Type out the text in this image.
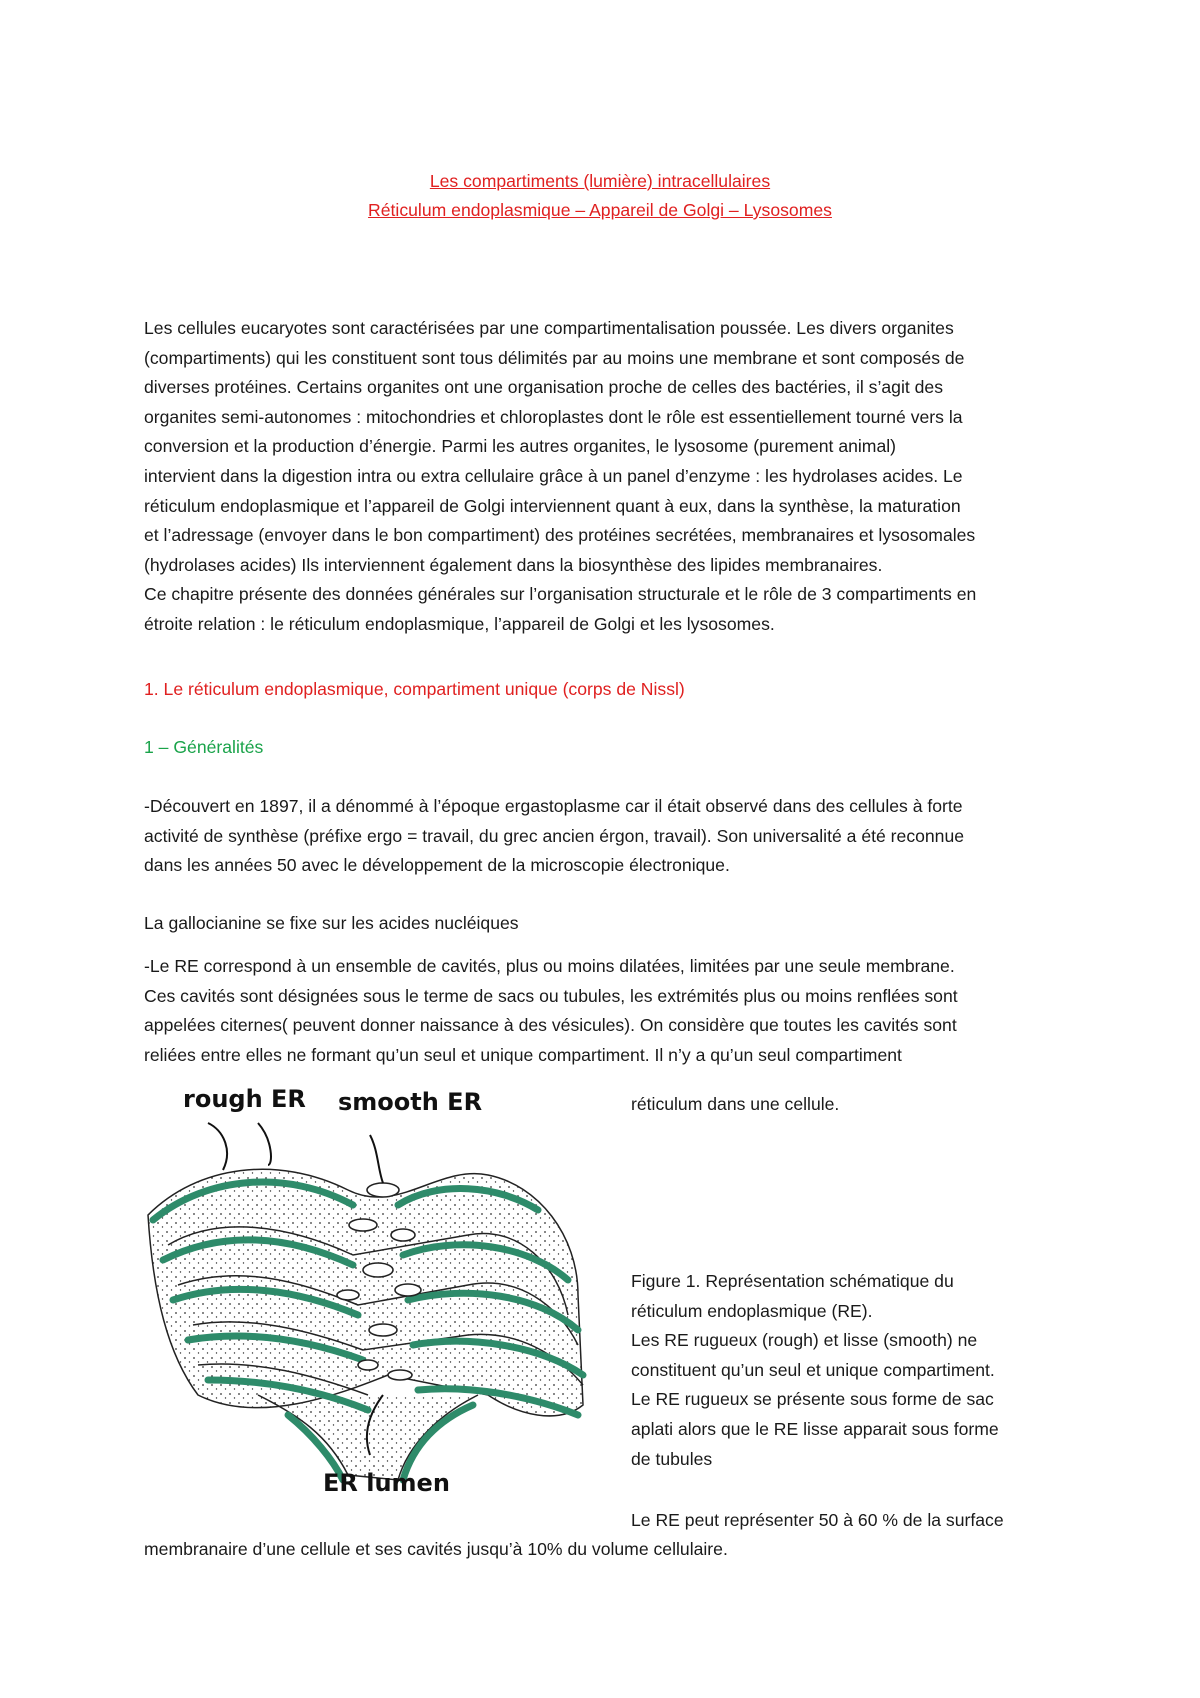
Les compartiments (lumière) intracellulaires
Réticulum endoplasmique – Appareil de Golgi – Lysosomes
Les cellules eucaryotes sont caractérisées par une compartimentalisation poussée. Les divers organites
(compartiments) qui les constituent sont tous délimités par au moins une membrane et sont composés de
diverses protéines. Certains organites ont une organisation proche de celles des bactéries, il s’agit des
organites semi-autonomes : mitochondries et chloroplastes dont le rôle est essentiellement tourné vers la
conversion et la production d’énergie. Parmi les autres organites, le lysosome (purement animal)
intervient dans la digestion intra ou extra cellulaire grâce à un panel d’enzyme : les hydrolases acides. Le
réticulum endoplasmique et l’appareil de Golgi interviennent quant à eux, dans la synthèse, la maturation
et l’adressage (envoyer dans le bon compartiment) des protéines secrétées, membranaires et lysosomales
(hydrolases acides) Ils interviennent également dans la biosynthèse des lipides membranaires.
Ce chapitre présente des données générales sur l’organisation structurale et le rôle de 3 compartiments en
étroite relation : le réticulum endoplasmique, l’appareil de Golgi et les lysosomes.
1. Le réticulum endoplasmique, compartiment unique (corps de Nissl)
1 – Généralités
-Découvert en 1897, il a dénommé à l’époque ergastoplasme car il était observé dans des cellules à forte
activité de synthèse (préfixe ergo = travail, du grec ancien érgon, travail). Son universalité a été reconnue
dans les années 50 avec le développement de la microscopie électronique.
La gallocianine se fixe sur les acides nucléiques
-Le RE correspond à un ensemble de cavités, plus ou moins dilatées, limitées par une seule membrane.
Ces cavités sont désignées sous le terme de sacs ou tubules, les extrémités plus ou moins renflées sont
appelées citernes( peuvent donner naissance à des vésicules). On considère que toutes les cavités sont
reliées entre elles ne formant qu’un seul et unique compartiment. Il n’y a qu’un seul compartiment
réticulum dans une cellule.
rough ER smooth ER
ER lumen
Figure 1. Représentation schématique du
réticulum endoplasmique (RE).
Les RE rugueux (rough) et lisse (smooth) ne
constituent qu’un seul et unique compartiment.
Le RE rugueux se présente sous forme de sac
aplati alors que le RE lisse apparait sous forme
de tubules
Le RE peut représenter 50 à 60 % de la surface
membranaire d’une cellule et ses cavités jusqu’à 10% du volume cellulaire.
